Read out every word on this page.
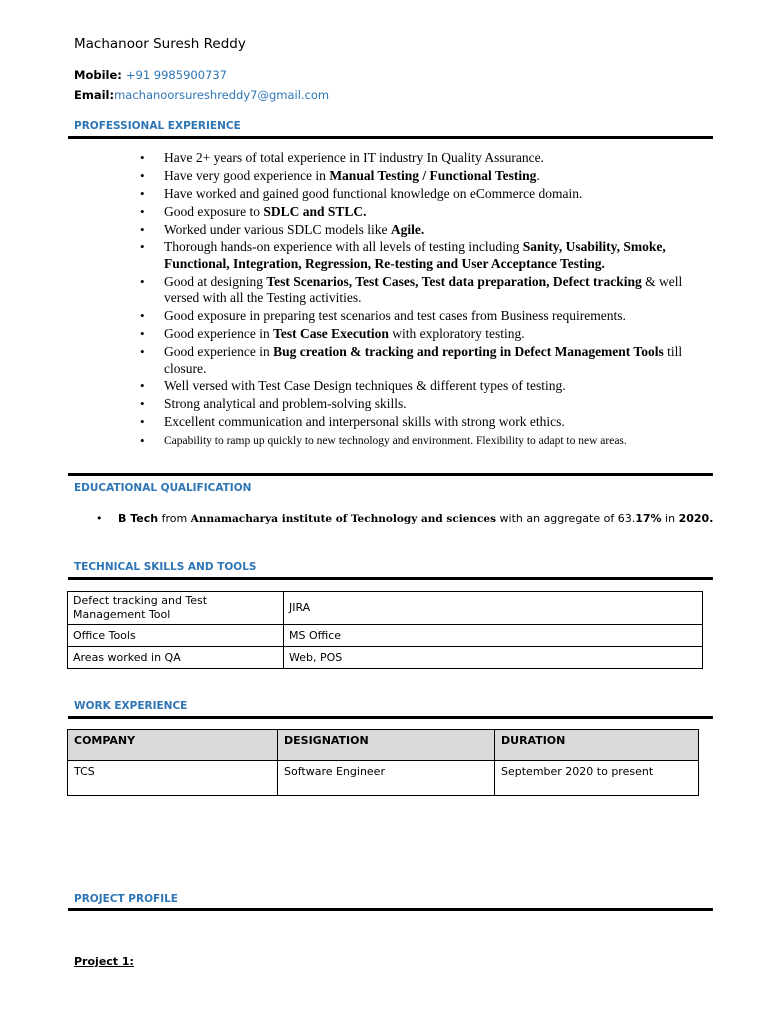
Machanoor Suresh Reddy
Mobile: +91 9985900737
Email:machanoorsureshreddy7@gmail.com
PROFESSIONAL EXPERIENCE
• Have 2+ years of total experience in IT industry In Quality Assurance.
• Have very good experience in Manual Testing / Functional Testing.
• Have worked and gained good functional knowledge on eCommerce domain.
• Good exposure to SDLC and STLC.
• Worked under various SDLC models like Agile.
• Thorough hands-on experience with all levels of testing including Sanity, Usability, Smoke, Functional, Integration, Regression, Re-testing and User Acceptance Testing.
• Good at designing Test Scenarios, Test Cases, Test data preparation, Defect tracking & well versed with all the Testing activities.
• Good exposure in preparing test scenarios and test cases from Business requirements.
• Good experience in Test Case Execution with exploratory testing.
• Good experience in Bug creation & tracking and reporting in Defect Management Tools till closure.
• Well versed with Test Case Design techniques & different types of testing.
• Strong analytical and problem-solving skills.
• Excellent communication and interpersonal skills with strong work ethics.
• Capability to ramp up quickly to new technology and environment. Flexibility to adapt to new areas.
EDUCATIONAL QUALIFICATION
• B Tech from Annamacharya institute of Technology and sciences with an aggregate of 63.17% in 2020.
TECHNICAL SKILLS AND TOOLS
Defect tracking and Test Management Tool	JIRA
Office Tools	MS Office
Areas worked in QA	Web, POS
WORK EXPERIENCE
COMPANY	DESIGNATION	DURATION
TCS	Software Engineer	September 2020 to present
PROJECT PROFILE
Project 1:
